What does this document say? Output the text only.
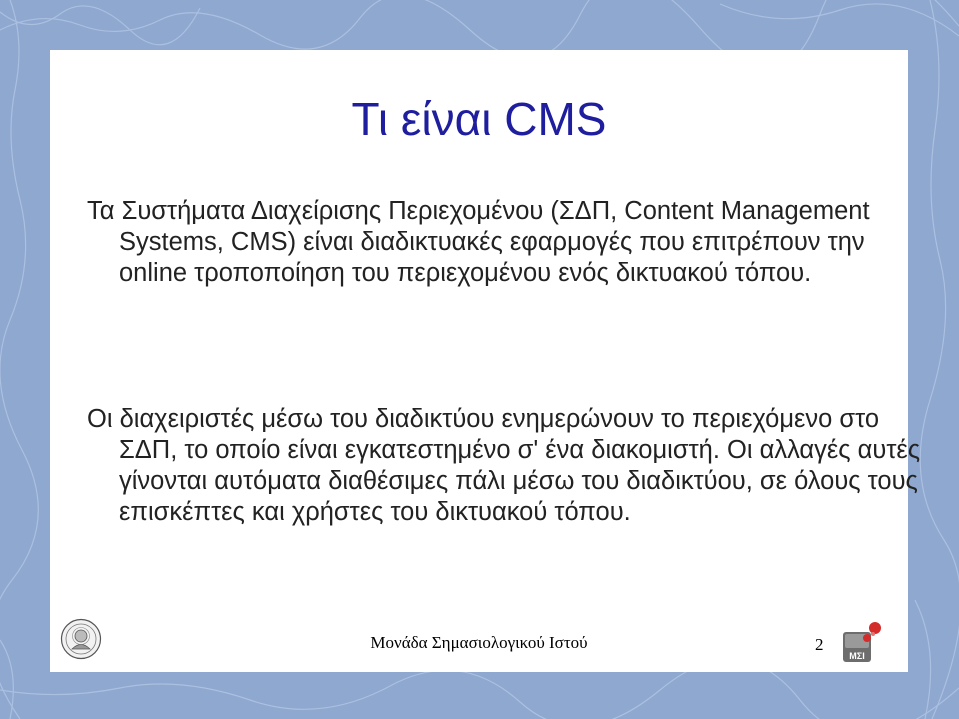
Τι είναι CMS

Τα Συστήματα Διαχείρισης Περιεχομένου (ΣΔΠ, Content Management Systems, CMS) είναι διαδικτυακές εφαρμογές που επιτρέπουν την online τροποποίηση του περιεχομένου ενός δικτυακού τόπου.

Οι διαχειριστές μέσω του διαδικτύου ενημερώνουν το περιεχόμενο στο ΣΔΠ, το οποίο είναι εγκατεστημένο σ' ένα διακομιστή. Οι αλλαγές αυτές γίνονται αυτόματα διαθέσιμες πάλι μέσω του διαδικτύου, σε όλους τους επισκέπτες και χρήστες του δικτυακού τόπου.

Μονάδα Σημασιολογικού Ιστού	2
ΜΣΙ
